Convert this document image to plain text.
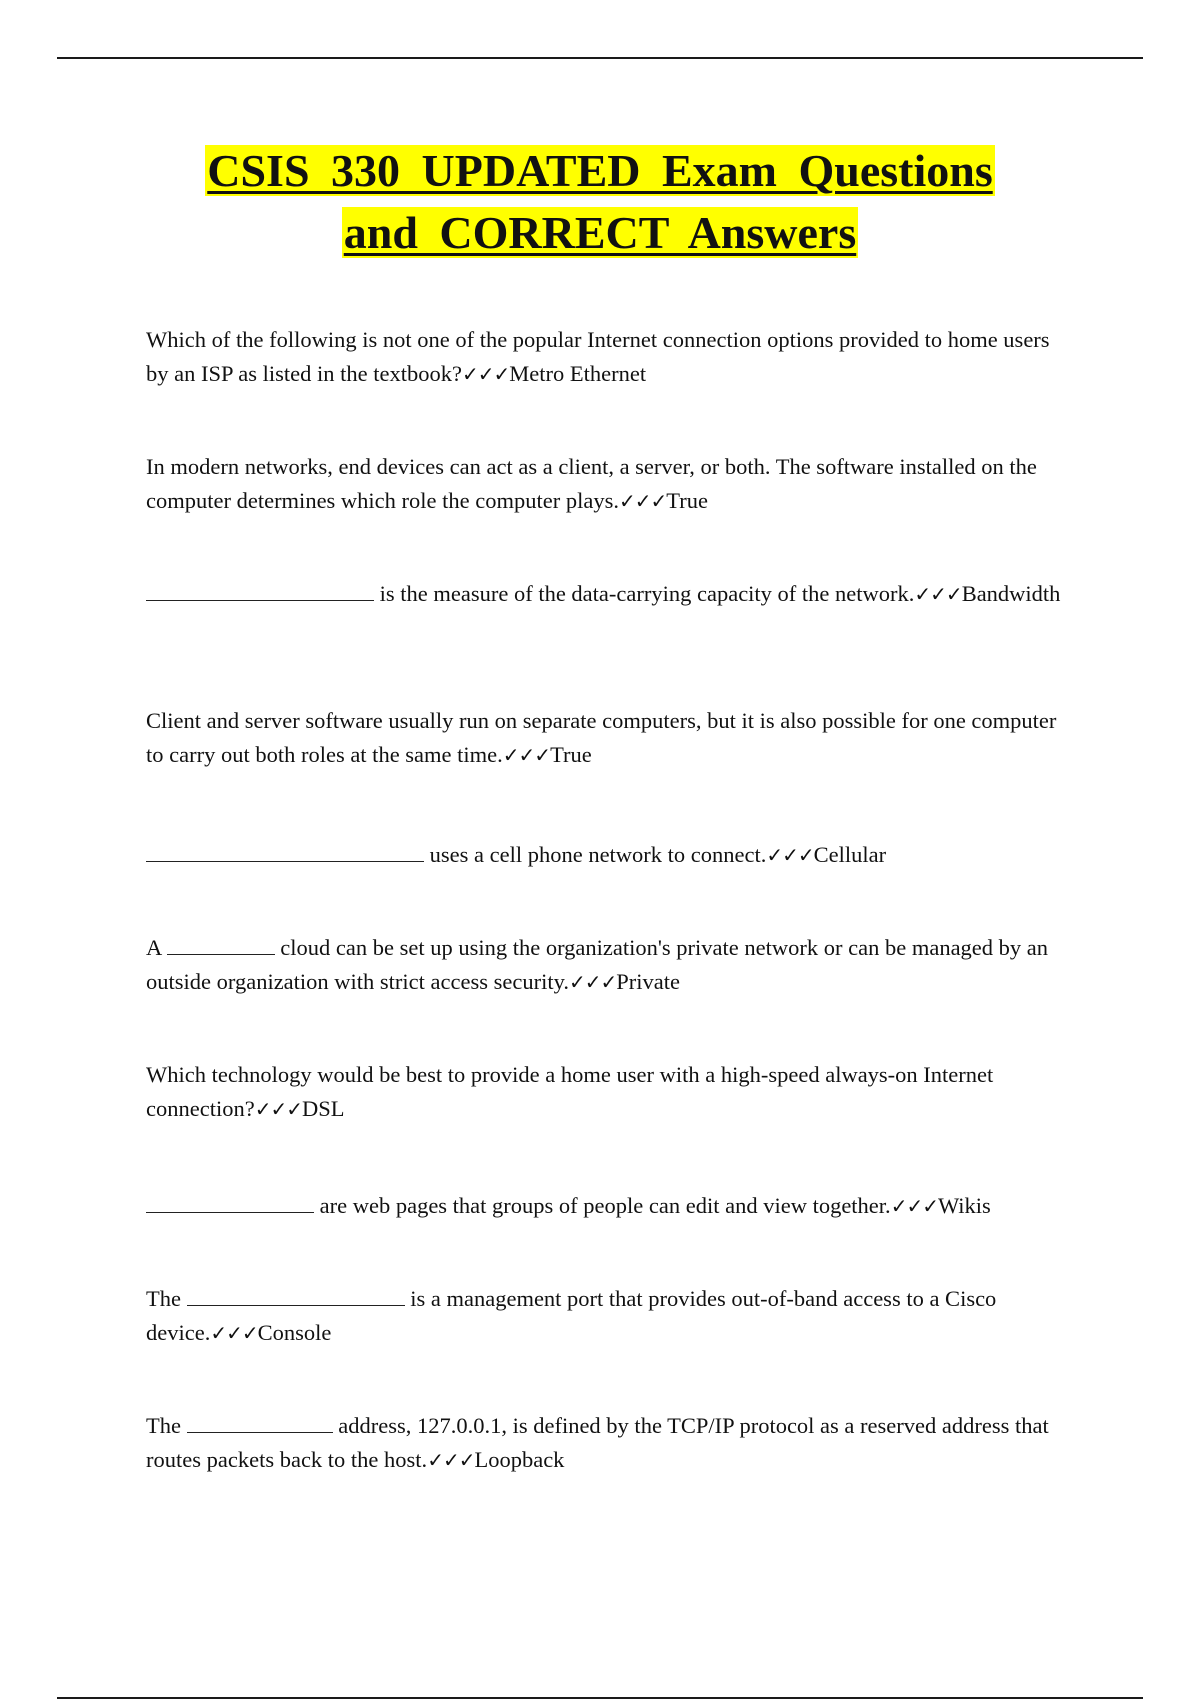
CSIS 330 UPDATED Exam Questions
and CORRECT Answers

Which of the following is not one of the popular Internet connection options provided to home users by an ISP as listed in the textbook?✓✓✓Metro Ethernet

In modern networks, end devices can act as a client, a server, or both. The software installed on the computer determines which role the computer plays.✓✓✓True

is the measure of the data-carrying capacity of the network.✓✓✓Bandwidth

Client and server software usually run on separate computers, but it is also possible for one computer to carry out both roles at the same time.✓✓✓True

uses a cell phone network to connect.✓✓✓Cellular

A	cloud can be set up using the organization's private network or can be managed by an outside organization with strict access security.✓✓✓Private

Which technology would be best to provide a home user with a high-speed always-on Internet connection?✓✓✓DSL

are web pages that groups of people can edit and view together.✓✓✓Wikis

The	is a management port that provides out-of-band access to a Cisco device.✓✓✓Console

The	address, 127.0.0.1, is defined by the TCP/IP protocol as a reserved address that routes packets back to the host.✓✓✓Loopback
